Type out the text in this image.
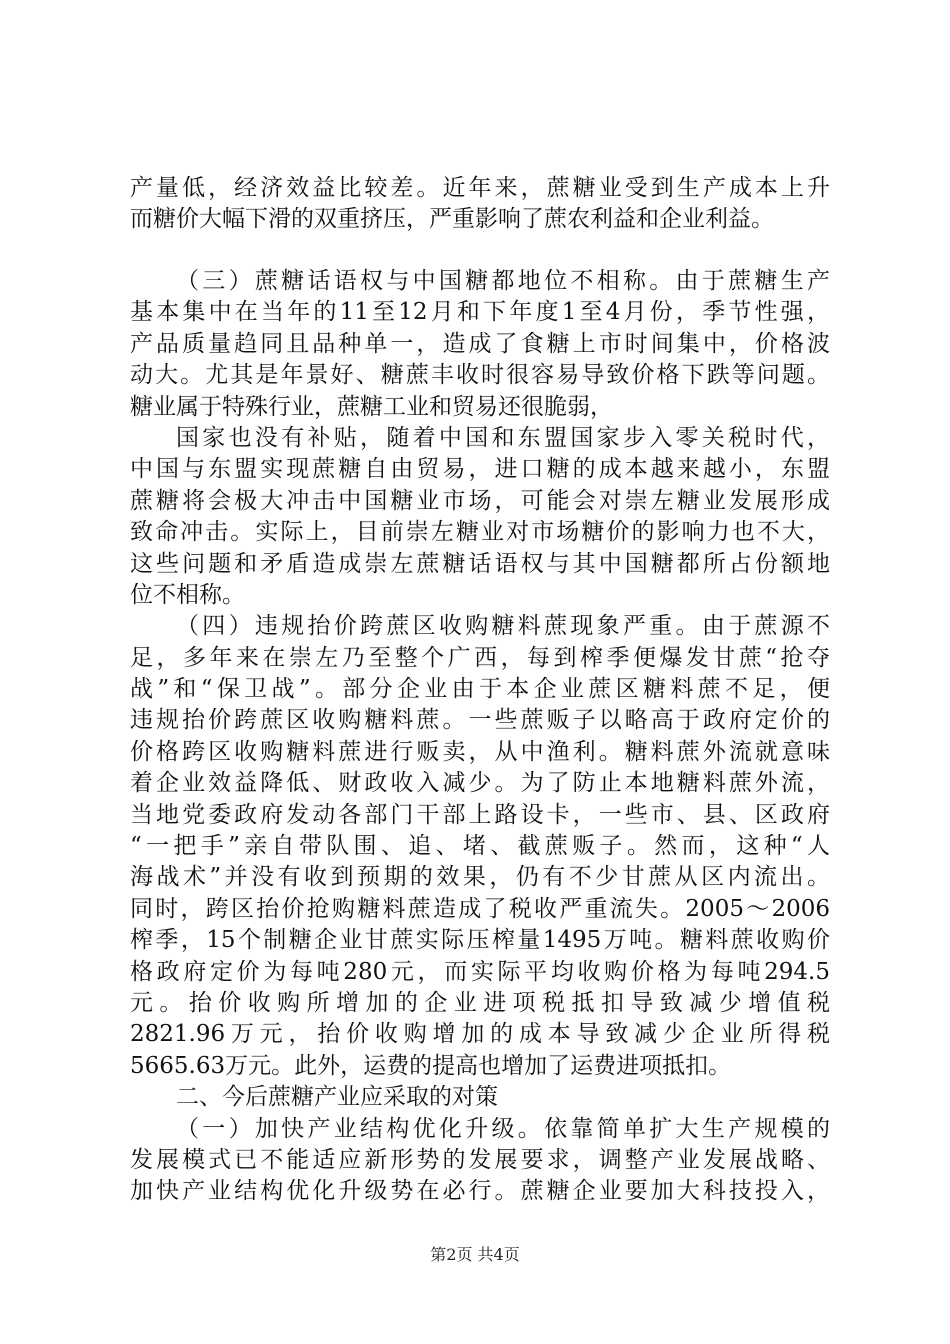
产量低，经济效益比较差。近年来，蔗糖业受到生产成本上升
而糖价大幅下滑的双重挤压，严重影响了蔗农利益和企业利益。
（三）蔗糖话语权与中国糖都地位不相称。由于蔗糖生产
基本集中在当年的11至12月和下年度1至4月份，季节性强，
产品质量趋同且品种单一，造成了食糖上市时间集中，价格波
动大。尤其是年景好、糖蔗丰收时很容易导致价格下跌等问题。
糖业属于特殊行业，蔗糖工业和贸易还很脆弱，
国家也没有补贴，随着中国和东盟国家步入零关税时代，
中国与东盟实现蔗糖自由贸易，进口糖的成本越来越小，东盟
蔗糖将会极大冲击中国糖业市场，可能会对崇左糖业发展形成
致命冲击。实际上，目前崇左糖业对市场糖价的影响力也不大，
这些问题和矛盾造成崇左蔗糖话语权与其中国糖都所占份额地
位不相称。
（四）违规抬价跨蔗区收购糖料蔗现象严重。由于蔗源不
足，多年来在崇左乃至整个广西，每到榨季便爆发甘蔗“抢夺
战”和“保卫战”。部分企业由于本企业蔗区糖料蔗不足，便
违规抬价跨蔗区收购糖料蔗。一些蔗贩子以略高于政府定价的
价格跨区收购糖料蔗进行贩卖，从中渔利。糖料蔗外流就意味
着企业效益降低、财政收入减少。为了防止本地糖料蔗外流，
当地党委政府发动各部门干部上路设卡，一些市、县、区政府
“一把手”亲自带队围、追、堵、截蔗贩子。然而，这种“人
海战术”并没有收到预期的效果，仍有不少甘蔗从区内流出。
同时，跨区抬价抢购糖料蔗造成了税收严重流失。2005～2006
榨季，15个制糖企业甘蔗实际压榨量1495万吨。糖料蔗收购价
格政府定价为每吨280元，而实际平均收购价格为每吨294.5
元。抬价收购所增加的企业进项税抵扣导致减少增值税
2821.96万元，抬价收购增加的成本导致减少企业所得税
5665.63万元。此外，运费的提高也增加了运费进项抵扣。
二、今后蔗糖产业应采取的对策
（一）加快产业结构优化升级。依靠简单扩大生产规模的
发展模式已不能适应新形势的发展要求，调整产业发展战略、
加快产业结构优化升级势在必行。蔗糖企业要加大科技投入，
第2页 共4页
